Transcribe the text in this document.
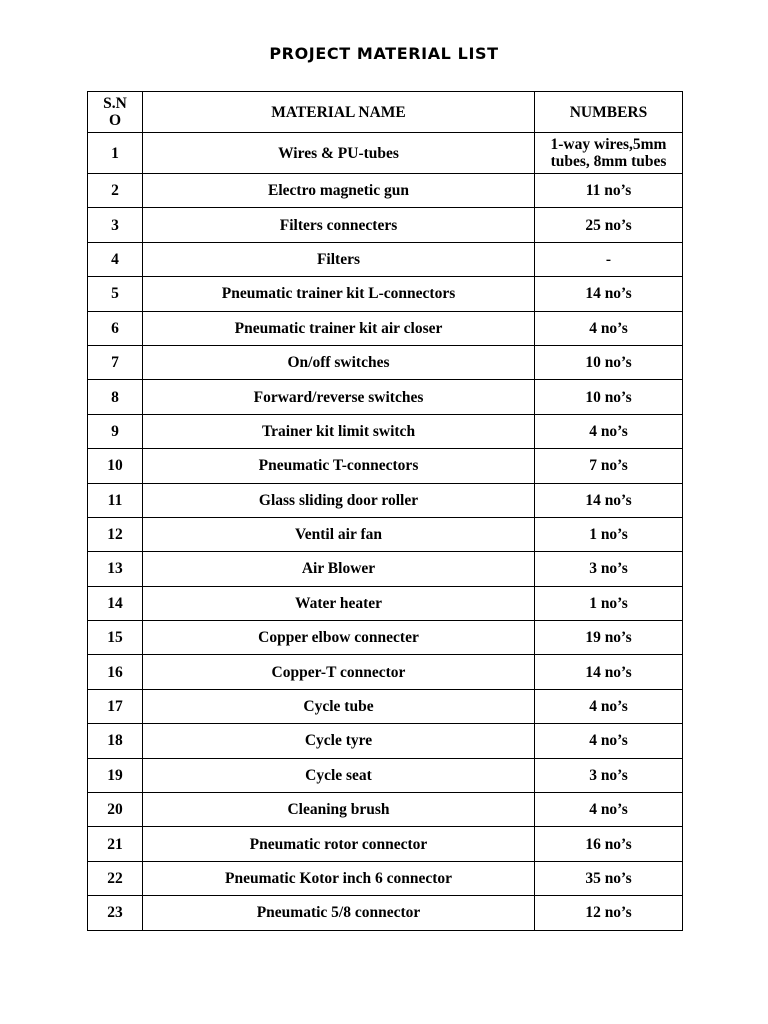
PROJECT MATERIAL LIST
S.N
O	MATERIAL NAME	NUMBERS
1	Wires & PU-tubes	1-way wires,5mm
tubes, 8mm tubes
2	Electro magnetic gun	11 no’s
3	Filters connecters	25 no’s
4	Filters	-
5	Pneumatic trainer kit L-connectors	14 no’s
6	Pneumatic trainer kit air closer	4 no’s
7	On/off switches	10 no’s
8	Forward/reverse switches	10 no’s
9	Trainer kit limit switch	4 no’s
10	Pneumatic T-connectors	7 no’s
11	Glass sliding door roller	14 no’s
12	Ventil air fan	1 no’s
13	Air Blower	3 no’s
14	Water heater	1 no’s
15	Copper elbow connecter	19 no’s
16	Copper-T connector	14 no’s
17	Cycle tube	4 no’s
18	Cycle tyre	4 no’s
19	Cycle seat	3 no’s
20	Cleaning brush	4 no’s
21	Pneumatic rotor connector	16 no’s
22	Pneumatic Kotor inch 6 connector	35 no’s
23	Pneumatic 5/8 connector	12 no’s
